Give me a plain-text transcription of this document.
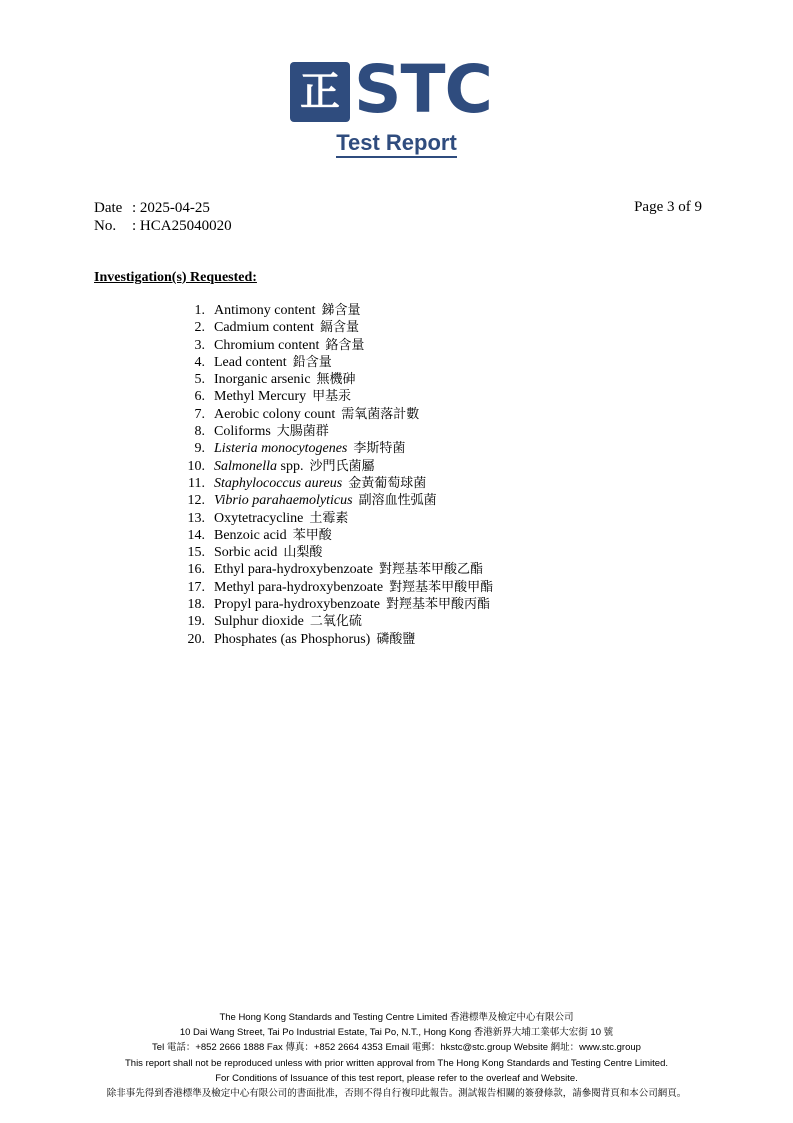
正 STC
Test Report
Date : 2025-04-25
No.	: HCA25040020
Page 3 of 9
Investigation(s) Requested:
1. Antimony content 銻含量
2. Cadmium content 鎘含量
3. Chromium content 鉻含量
4. Lead content 鉛含量
5. Inorganic arsenic 無機砷
6. Methyl Mercury 甲基汞
7. Aerobic colony count 需氧菌落計數
8. Coliforms 大腸菌群
9. Listeria monocytogenes 李斯特菌
10. Salmonella spp. 沙門氏菌屬
11. Staphylococcus aureus 金黃葡萄球菌
12. Vibrio parahaemolyticus 副溶血性弧菌
13. Oxytetracycline 土霉素
14. Benzoic acid 苯甲酸
15. Sorbic acid 山梨酸
16. Ethyl para-hydroxybenzoate 對羥基苯甲酸乙酯
17. Methyl para-hydroxybenzoate 對羥基苯甲酸甲酯
18. Propyl para-hydroxybenzoate 對羥基苯甲酸丙酯
19. Sulphur dioxide 二氧化硫
20. Phosphates (as Phosphorus) 磷酸鹽
The Hong Kong Standards and Testing Centre Limited 香港標準及檢定中心有限公司
10 Dai Wang Street, Tai Po Industrial Estate, Tai Po, N.T., Hong Kong 香港新界大埔工業邨大宏街 10 號
Tel 電話：+852 2666 1888 Fax 傳真：+852 2664 4353 Email 電郵：hkstc@stc.group Website 網址：www.stc.group
This report shall not be reproduced unless with prior written approval from The Hong Kong Standards and Testing Centre Limited.
For Conditions of Issuance of this test report, please refer to the overleaf and Website.
除非事先得到香港標準及檢定中心有限公司的書面批准，否則不得自行複印此報告。測試報告相關的簽發條款，請參閱背頁和本公司網頁。
